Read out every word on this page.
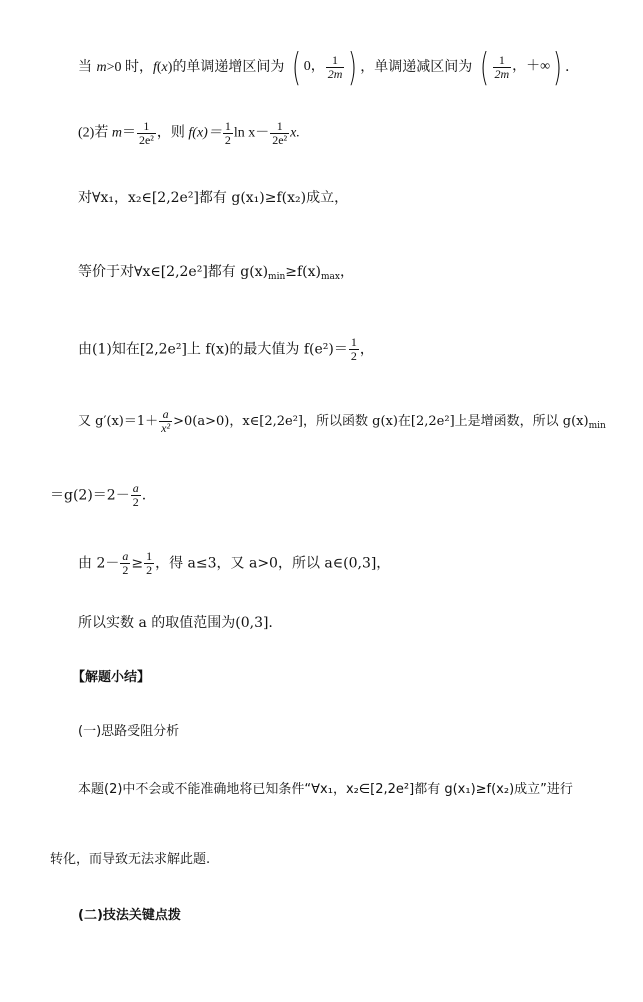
当 m>0 时，f(x)的单调递增区间为 ( 0， $\frac{1}{2m}$ ) ，单调递减区间为 ( $\frac{1}{2m}$ ，＋∞ ) .
(2)若 $m= \frac{1}{\text{2e²}}$ ，则 $f(x)= \frac{1}{2}$ $\ln x- \frac{1}{\text{2e²}} x$.
对∀x₁，x₂∈[2,2e²]都有 g(x₁)≥f(x₂)成立，
等价于对∀x∈[2,2e²]都有 $g(x)_{min}\ge f(x)_{max}$，
由(1)知在[2,2e²]上 f(x)的最大值为 $f(e^2)= \frac{1}{2}$ ，
又 $g'(x)=1+ \frac{a}{\text{x²}} >0(a>0)$，x∈[2,2e²]，所以函数 g(x)在[2,2e²]上是增函数，所以 $g(x)_{min}$
$=g(2)=2- \frac{a}{2}$ .
由 $2- \frac{a}{2} \ge \frac{1}{2}$ ，得 a≤3，又 a>0，所以 a∈(0,3]，
所以实数 a 的取值范围为(0,3].
【解题小结】
(一)思路受阻分析
本题(2)中不会或不能准确地将已知条件“∀x₁，x₂∈[2,2e²]都有 g(x₁)≥f(x₂)成立”进行
转化，而导致无法求解此题.
(二)技法关键点拨
